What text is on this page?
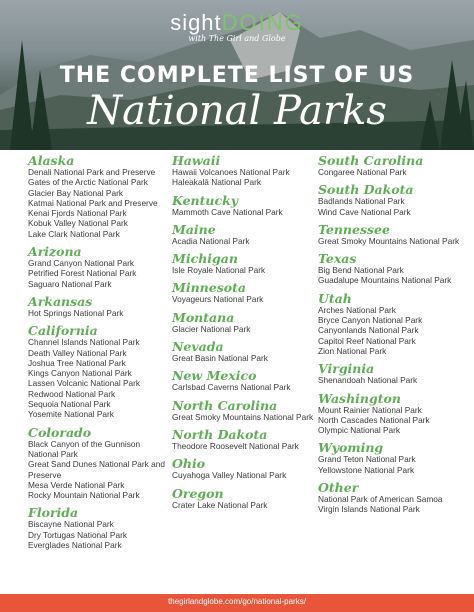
sightDOING
with The Girl and Globe
THE COMPLETE LIST OF US
National Parks
Alaska
Denali National Park and Preserve
Gates of the Arctic National Park
Glacier Bay National Park
Katmai National Park and Preserve
Kenai Fjords National Park
Kobuk Valley National Park
Lake Clark National Park
Arizona
Grand Canyon National Park
Petrified Forest National Park
Saguaro National Park
Arkansas
Hot Springs National Park
California
Channel Islands National Park
Death Valley National Park
Joshua Tree National Park
Kings Canyon National Park
Lassen Volcanic National Park
Redwood National Park
Sequoia National Park
Yosemite National Park
Colorado
Black Canyon of the Gunnison National Park
Great Sand Dunes National Park and Preserve
Mesa Verde National Park
Rocky Mountain National Park
Florida
Biscayne National Park
Dry Tortugas National Park
Everglades National Park
Hawaii
Hawaii Volcanoes National Park
Haleakalā National Park
Kentucky
Mammoth Cave National Park
Maine
Acadia National Park
Michigan
Isle Royale National Park
Minnesota
Voyageurs National Park
Montana
Glacier National Park
Nevada
Great Basin National Park
New Mexico
Carlsbad Caverns National Park
North Carolina
Great Smoky Mountains National Park
North Dakota
Theodore Roosevelt National Park
Ohio
Cuyahoga Valley National Park
Oregon
Crater Lake National Park
South Carolina
Congaree National Park
South Dakota
Badlands National Park
Wind Cave National Park
Tennessee
Great Smoky Mountains National Park
Texas
Big Bend National Park
Guadalupe Mountains National Park
Utah
Arches National Park
Bryce Canyon National Park
Canyonlands National Park
Capitol Reef National Park
Zion National Park
Virginia
Shenandoah National Park
Washington
Mount Rainier National Park
North Cascades National Park
Olympic National Park
Wyoming
Grand Teton National Park
Yellowstone National Park
Other
National Park of American Samoa
Virgin Islands National Park
thegirlandglobe.com/go/national-parks/
